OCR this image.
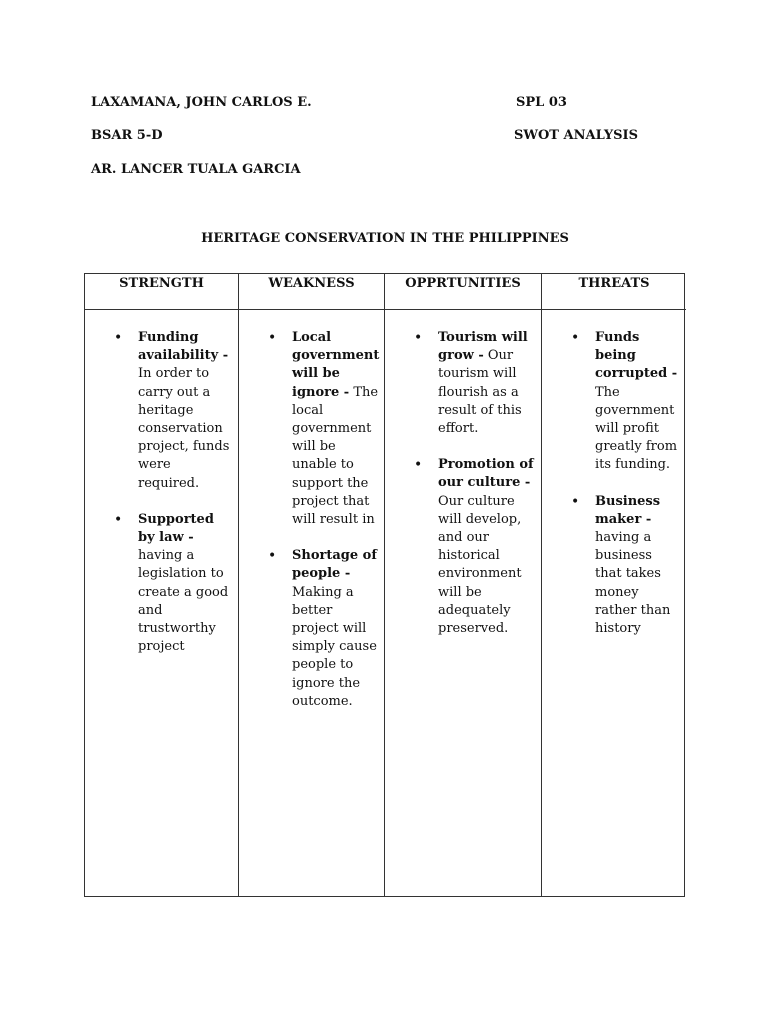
LAXAMANA, JOHN CARLOS E.
BSAR 5-D
AR. LANCER TUALA GARCIA
SPL 03
SWOT ANALYSIS
HERITAGE CONSERVATION IN THE PHILIPPINES
STRENGTH
• Funding availability - In order to carry out a heritage conservation project, funds were required.
• Supported by law - having a legislation to create a good and trustworthy project
WEAKNESS
• Local government will be ignore - The local government will be unable to support the project that will result in
• Shortage of people - Making a better project will simply cause people to ignore the outcome.
OPPRTUNITIES
• Tourism will grow - Our tourism will flourish as a result of this effort.
• Promotion of our culture - Our culture will develop, and our historical environment will be adequately preserved.
THREATS
• Funds being corrupted - The government will profit greatly from its funding.
• Business maker - having a business that takes money rather than history
